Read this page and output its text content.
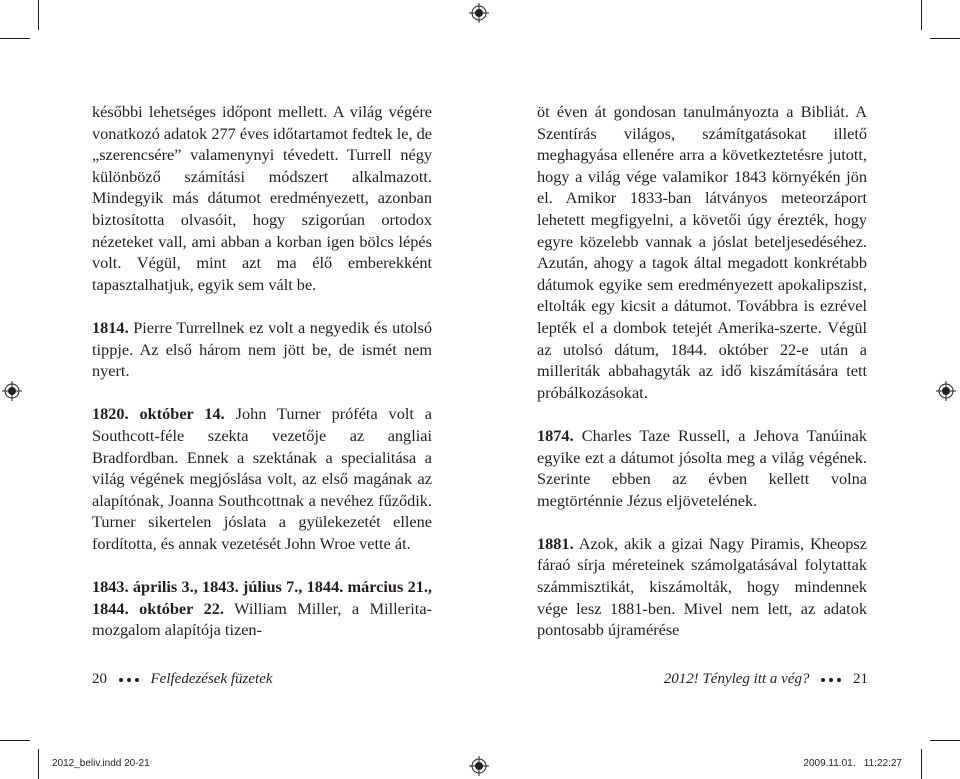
későbbi lehetséges időpont mellett. A világ végére vonatkozó adatok 277 éves időtartamot fedtek le, de „szerencsére” valamenynyi tévedett. Turrell négy különböző számítási módszert alkalmazott. Mindegyik más dátumot eredményezett, azonban biztosította olvasóit, hogy szigorúan ortodox nézeteket vall, ami abban a korban igen bölcs lépés volt. Végül, mint azt ma élő emberekként tapasztalhatjuk, egyik sem vált be.

1814. Pierre Turrellnek ez volt a negyedik és utolsó tippje. Az első három nem jött be, de ismét nem nyert.

1820. október 14. John Turner próféta volt a Southcott-féle szekta vezetője az angliai Bradfordban. Ennek a szektának a specialitása a világ végének megjóslása volt, az első magának az alapítónak, Joanna Southcottnak a nevéhez fűződik. Turner sikertelen jóslata a gyülekezetét ellene fordította, és annak vezetését John Wroe vette át.

1843. április 3., 1843. július 7., 1844. március 21., 1844. október 22. William Miller, a Millerita-mozgalom alapítója tizen-

öt éven át gondosan tanulmányozta a Bibliát. A Szentírás világos, számítgatásokat illető meghagyása ellenére arra a következtetésre jutott, hogy a világ vége valamikor 1843 környékén jön el. Amikor 1833-ban látványos meteorzáport lehetett megfigyelni, a követői úgy érezték, hogy egyre közelebb vannak a jóslat beteljesedéséhez. Azután, ahogy a tagok által megadott konkrétabb dátumok egyike sem eredményezett apokalipszist, eltolták egy kicsit a dátumot. Továbbra is ezrével lepték el a dombok tetejét Amerika-szerte. Végül az utolsó dátum, 1844. október 22-e után a milleriták abbahagyták az idő kiszámítására tett próbálkozásokat.

1874. Charles Taze Russell, a Jehova Tanúinak egyike ezt a dátumot jósolta meg a világ végének. Szerinte ebben az évben kellett volna megtörténnie Jézus eljövetelének.

1881. Azok, akik a gizai Nagy Piramis, Kheopsz fáraó sírja méreteinek számolgatásával folytattak számmisztikát, kiszámolták, hogy mindennek vége lesz 1881-ben. Mivel nem lett, az adatok pontosabb újramérése

20	Felfedezések füzetek	2012! Tényleg itt a vég?	21
2012_beliv.indd 20-21	2009.11.01.   11:22:27
